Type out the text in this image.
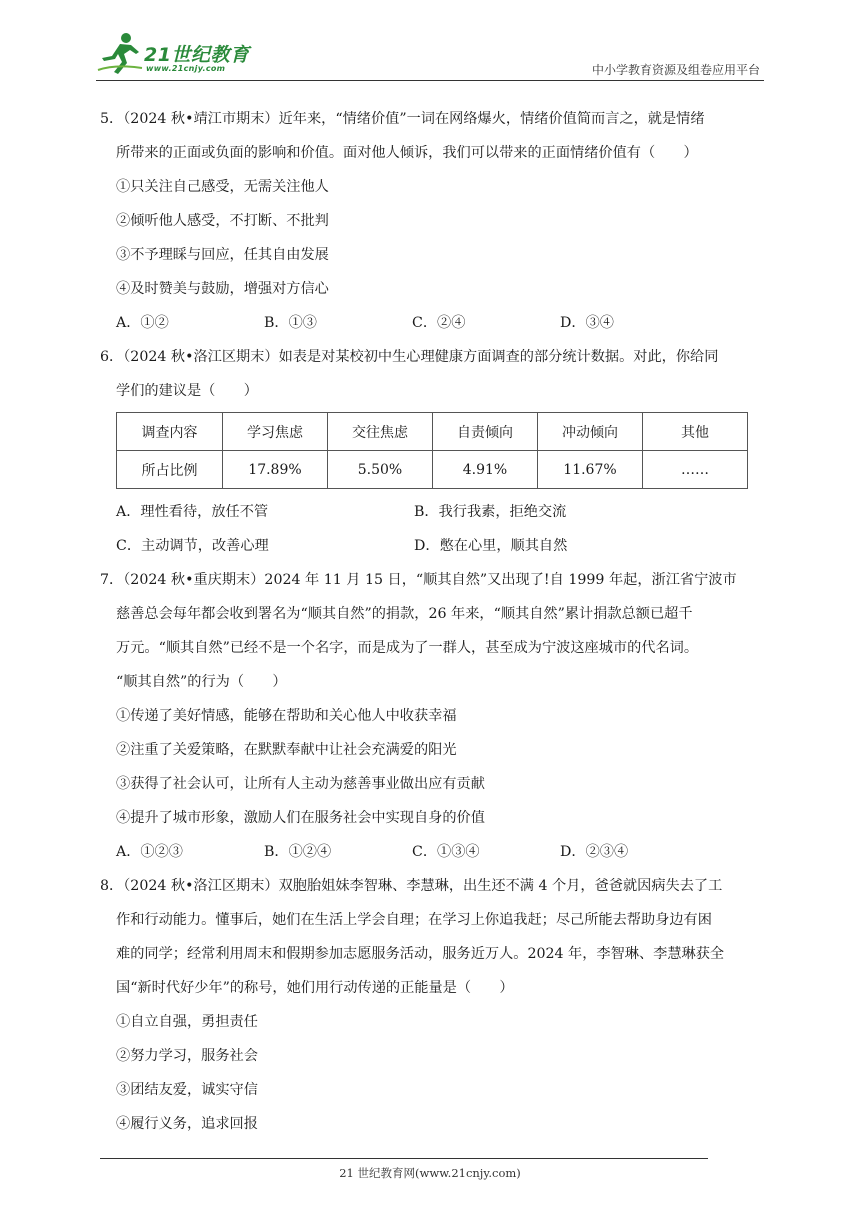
21世纪教育
www.21cnjy.com	中小学教育资源及组卷应用平台
5．（2024 秋•靖江市期末）近年来，“情绪价值”一词在网络爆火，情绪价值简而言之，就是情绪
所带来的正面或负面的影响和价值。面对他人倾诉，我们可以带来的正面情绪价值有（　　）
①只关注自己感受，无需关注他人
②倾听他人感受，不打断、不批判
③不予理睬与回应，任其自由发展
④及时赞美与鼓励，增强对方信心
A．①②	B．①③	C．②④	D．③④
6．（2024 秋•洛江区期末）如表是对某校初中生心理健康方面调查的部分统计数据。对此，你给同
学们的建议是（　　）
调查内容	学习焦虑	交往焦虑	自责倾向	冲动倾向	其他
所占比例	17.89%	5.50%	4.91%	11.67%	……
A．理性看待，放任不管	B．我行我素，拒绝交流
C．主动调节，改善心理	D．憋在心里，顺其自然
7．（2024 秋•重庆期末）2024 年 11 月 15 日，“顺其自然”又出现了!自 1999 年起，浙江省宁波市
慈善总会每年都会收到署名为“顺其自然”的捐款，26 年来，“顺其自然”累计捐款总额已超千
万元。“顺其自然”已经不是一个名字，而是成为了一群人，甚至成为宁波这座城市的代名词。
“顺其自然”的行为（　　）
①传递了美好情感，能够在帮助和关心他人中收获幸福
②注重了关爱策略，在默默奉献中让社会充满爱的阳光
③获得了社会认可，让所有人主动为慈善事业做出应有贡献
④提升了城市形象，激励人们在服务社会中实现自身的价值
A．①②③	B．①②④	C．①③④	D．②③④
8．（2024 秋•洛江区期末）双胞胎姐妹李智琳、李慧琳，出生还不满 4 个月，爸爸就因病失去了工
作和行动能力。懂事后，她们在生活上学会自理；在学习上你追我赶；尽己所能去帮助身边有困
难的同学；经常利用周末和假期参加志愿服务活动，服务近万人。2024 年，李智琳、李慧琳获全
国“新时代好少年”的称号，她们用行动传递的正能量是（　　）
①自立自强，勇担责任
②努力学习，服务社会
③团结友爱，诚实守信
④履行义务，追求回报
21 世纪教育网(www.21cnjy.com)
